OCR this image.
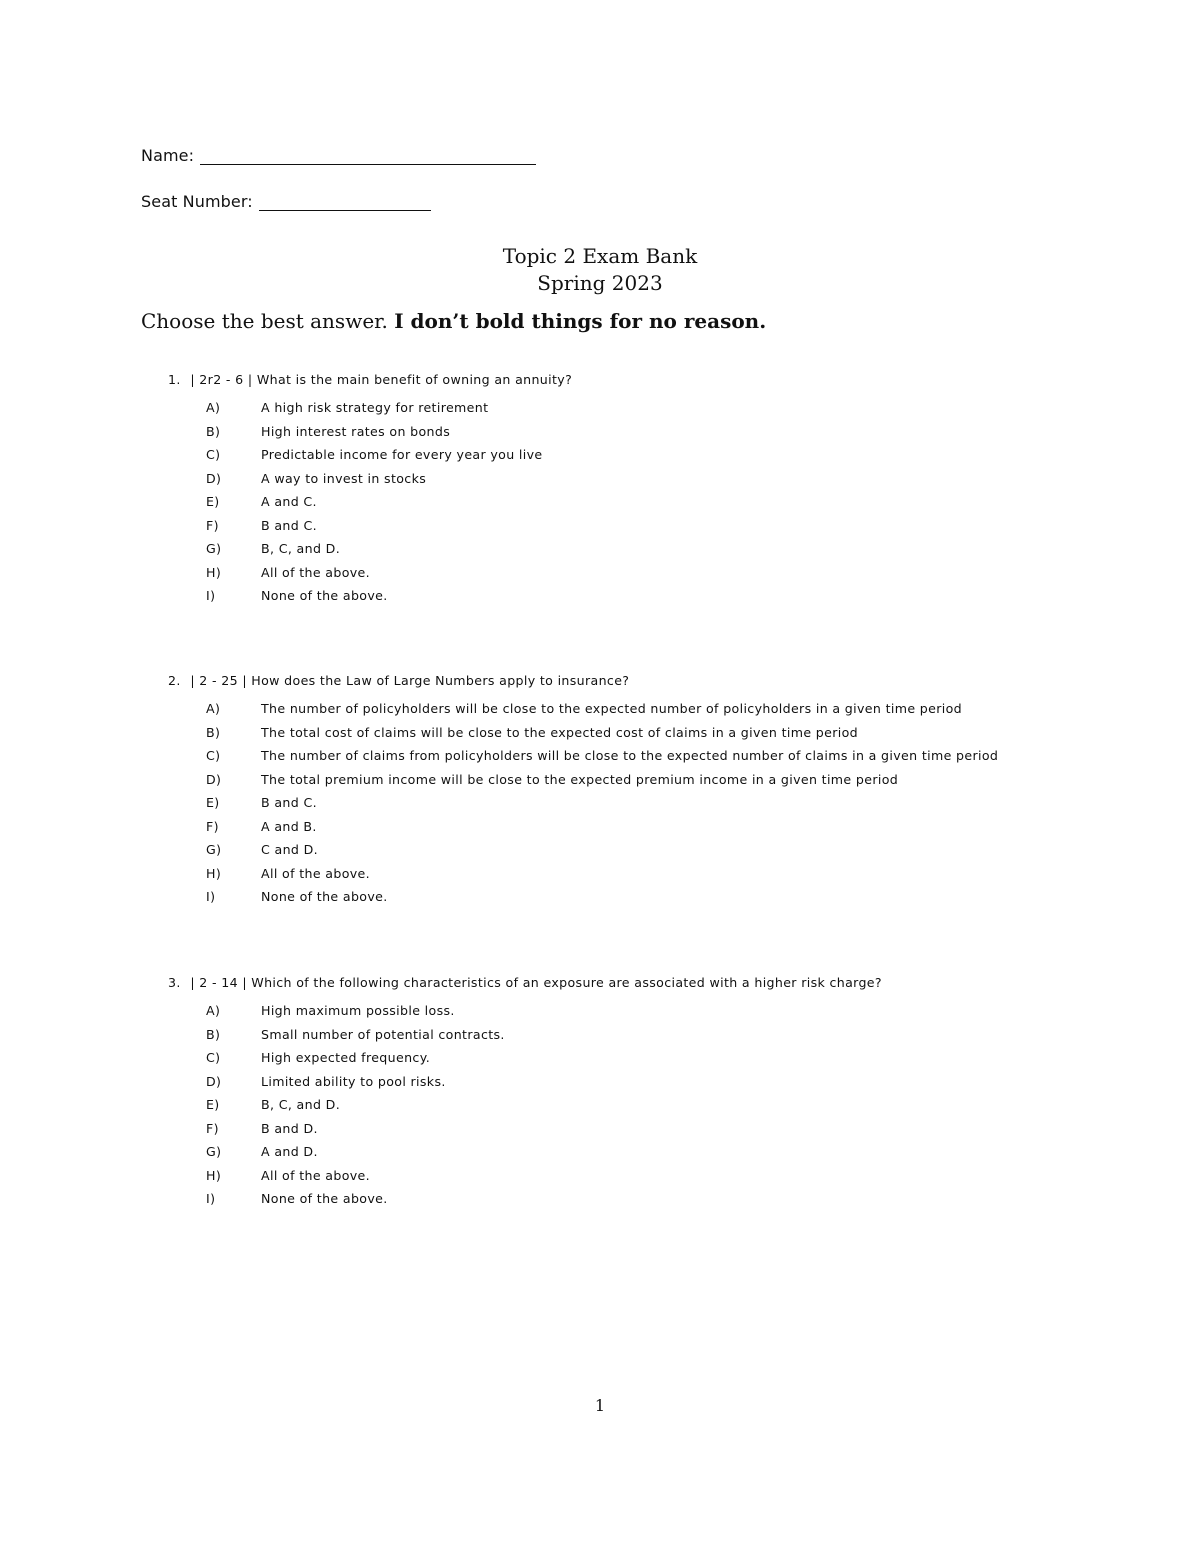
Name:
Seat Number:
Topic 2 Exam Bank
Spring 2023
Choose the best answer. I don’t bold things for no reason.
1. | 2r2 - 6 | What is the main benefit of owning an annuity?
A)	A high risk strategy for retirement
B)	High interest rates on bonds
C)	Predictable income for every year you live
D)	A way to invest in stocks
E)	A and C.
F)	B and C.
G)	B, C, and D.
H)	All of the above.
I)	None of the above.
2. | 2 - 25 | How does the Law of Large Numbers apply to insurance?
A)	The number of policyholders will be close to the expected number of policyholders in a given time period
B)	The total cost of claims will be close to the expected cost of claims in a given time period
C)	The number of claims from policyholders will be close to the expected number of claims in a given time period
D)	The total premium income will be close to the expected premium income in a given time period
E)	B and C.
F)	A and B.
G)	C and D.
H)	All of the above.
I)	None of the above.
3. | 2 - 14 | Which of the following characteristics of an exposure are associated with a higher risk charge?
A)	High maximum possible loss.
B)	Small number of potential contracts.
C)	High expected frequency.
D)	Limited ability to pool risks.
E)	B, C, and D.
F)	B and D.
G)	A and D.
H)	All of the above.
I)	None of the above.
1
